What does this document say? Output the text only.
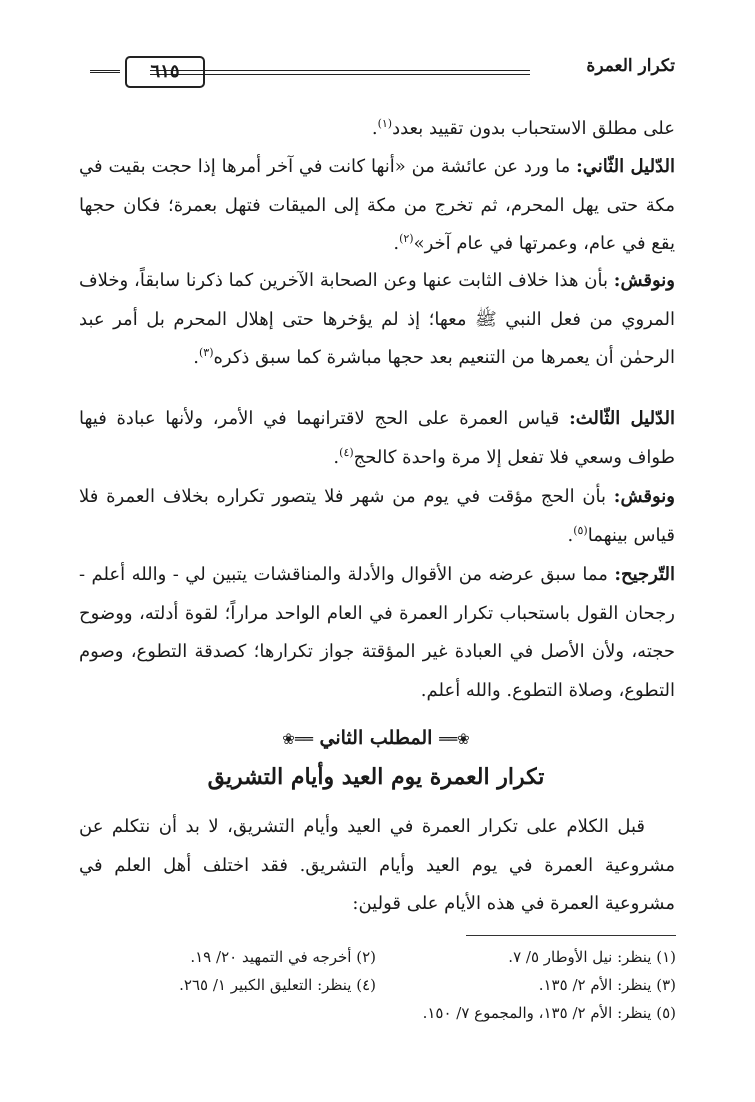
تكرار العمرة
٦١٥

على مطلق الاستحباب بدون تقييد بعدد$^{(١)}$.

الدّليل الثّاني: ما ورد عن عائشة من «أنها كانت في آخر أمرها إذا حجت بقيت في مكة حتى يهل المحرم، ثم تخرج من مكة إلى الميقات فتهل بعمرة؛ فكان حجها يقع في عام، وعمرتها في عام آخر»$^{(٢)}$.

ونوقش: بأن هذا خلاف الثابت عنها وعن الصحابة الآخرين كما ذكرنا سابقاً، وخلاف المروي من فعل النبي ﷺ معها؛ إذ لم يؤخرها حتى إهلال المحرم بل أمر عبد الرحمٰن أن يعمرها من التنعيم بعد حجها مباشرة كما سبق ذكره$^{(٣)}$.

الدّليل الثّالث: قياس العمرة على الحج لاقترانهما في الأمر، ولأنها عبادة فيها طواف وسعي فلا تفعل إلا مرة واحدة كالحج$^{(٤)}$.

ونوقش: بأن الحج مؤقت في يوم من شهر فلا يتصور تكراره بخلاف العمرة فلا قياس بينهما$^{(٥)}$.

التّرجيح: مما سبق عرضه من الأقوال والأدلة والمناقشات يتبين لي - والله أعلم - رجحان القول باستحباب تكرار العمرة في العام الواحد مراراً؛ لقوة أدلته، ووضوح حجته، ولأن الأصل في العبادة غير المؤقتة جواز تكرارها؛ كصدقة التطوع، وصوم التطوع، وصلاة التطوع. والله أعلم.

❀══ المطلب الثاني ══❀
تكرار العمرة يوم العيد وأيام التشريق

قبل الكلام على تكرار العمرة في العيد وأيام التشريق، لا بد أن نتكلم عن مشروعية العمرة في يوم العيد وأيام التشريق. فقد اختلف أهل العلم في مشروعية العمرة في هذه الأيام على قولين:

(١) ينظر: نيل الأوطار ٥/ ٧.
(٢) أخرجه في التمهيد ٢٠/ ١٩.
(٣) ينظر: الأم ٢/ ١٣٥.
(٤) ينظر: التعليق الكبير ١/ ٢٦٥.
(٥) ينظر: الأم ٢/ ١٣٥، والمجموع ٧/ ١٥٠.
